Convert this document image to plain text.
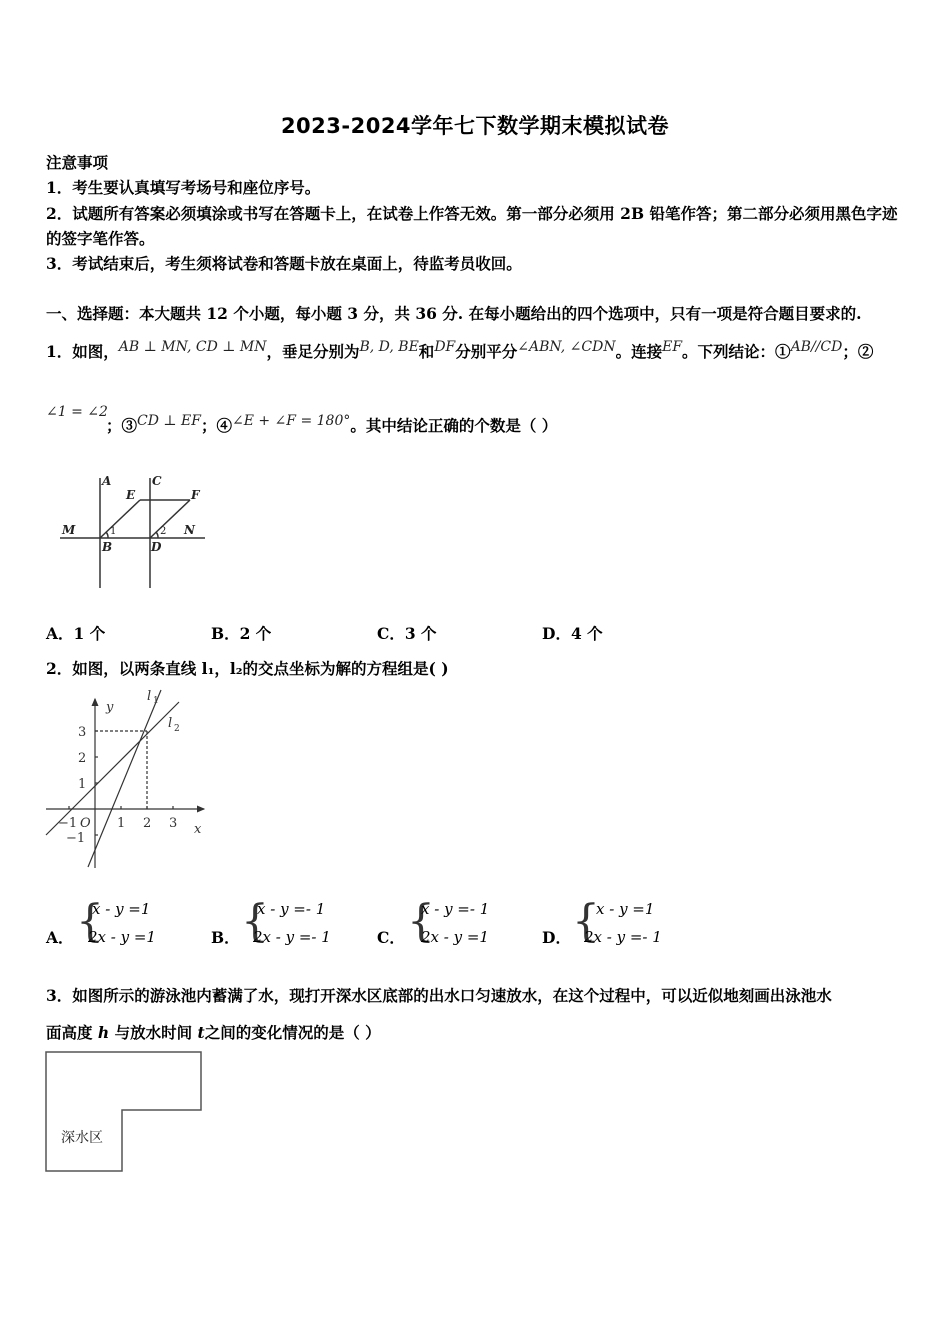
2023-2024学年七下数学期末模拟试卷
注意事项
1．考生要认真填写考场号和座位序号。
2．试题所有答案必须填涂或书写在答题卡上，在试卷上作答无效。第一部分必须用 2B 铅笔作答；第二部分必须用黑色字迹的签字笔作答。
3．考试结束后，考生须将试卷和答题卡放在桌面上，待监考员收回。
一、选择题：本大题共 12 个小题，每小题 3 分，共 36 分. 在每小题给出的四个选项中，只有一项是符合题目要求的.
1．如图，AB ⊥ MN, CD ⊥ MN，垂足分别为B, D, BE和DF分别平分∠ABN, ∠CDN。连接EF。下列结论：①AB//CD；②
∠1 = ∠2
；③CD ⊥ EF；④∠E + ∠F = 180°。其中结论正确的个数是（ ）
A	C
E	F
M	N
B	D
1	2
A．1 个	B．2 个	C．3 个	D．4 个
2．如图，以两条直线 l₁，l₂的交点坐标为解的方程组是( )
y
x
l 1
l 2
O
3
2
1
−1
−1	1 2 3
A． {
x - y =1
2x - y =1	B． {
x - y =- 1
2x - y =- 1	C． {
x - y =- 1
2x - y =1	D． {
x - y =1
2x - y =- 1
3．如图所示的游泳池内蓄满了水，现打开深水区底部的出水口匀速放水，在这个过程中，可以近似地刻画出泳池水
面高度 h 与放水时间 t之间的变化情况的是（ ）
深水区
